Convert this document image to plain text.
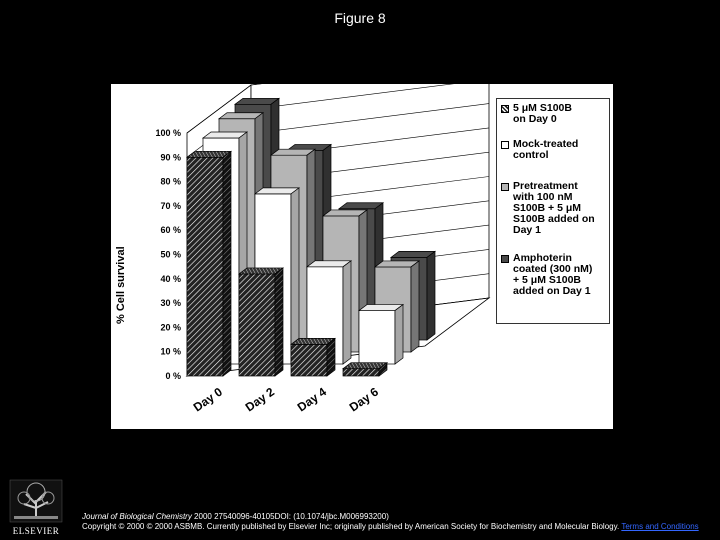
Figure 8
0 %
10 %
20 %
30 %
40 %
50 %
60 %
70 %
80 %
90 %
100 %
Day 0 Day 2 Day 4 Day 6
% Cell survival
5 μM S100B
on Day 0
Mock-treated
control
Pretreatment
with 100 nM
S100B + 5 μM
S100B added on
Day 1
Amphoterin
coated (300 nM)
+ 5 μM S100B
added on Day 1
ELSEVIER
Journal of Biological Chemistry 2000 27540096-40105DOI: (10.1074/jbc.M006993200)
Copyright © 2000 © 2000 ASBMB. Currently published by Elsevier Inc; originally published by American Society for Biochemistry and Molecular Biology. Terms and Conditions
